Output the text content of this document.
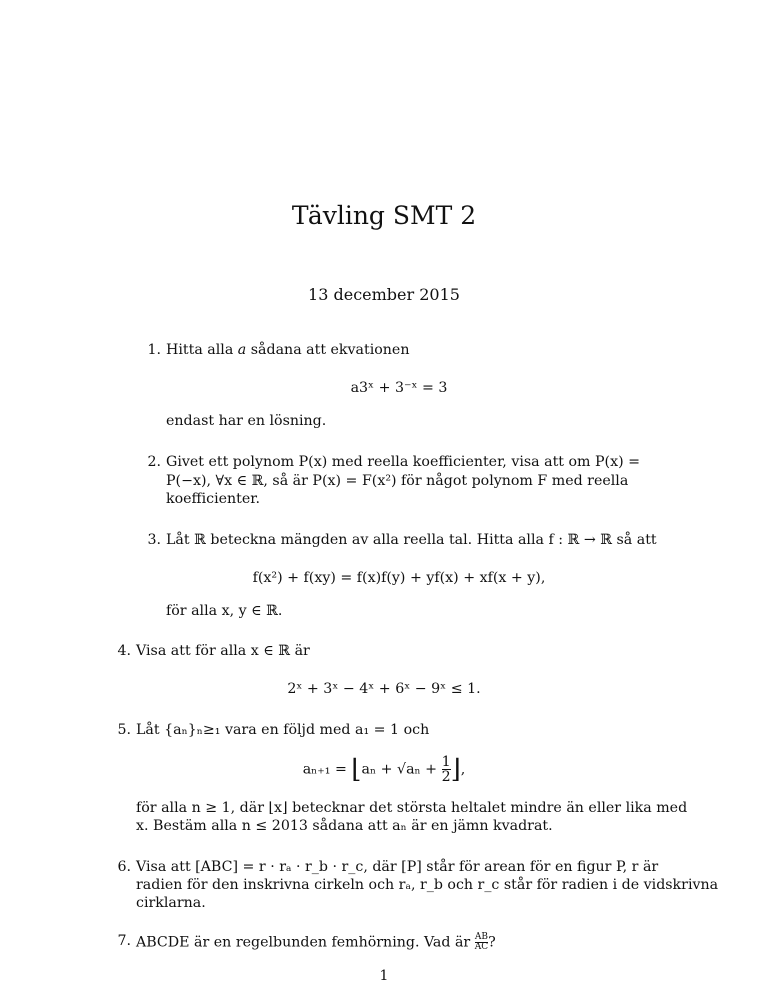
Tävling SMT 2
13 december 2015
1. Hitta alla a sådana att ekvationen
a3ˣ + 3⁻ˣ = 3
endast har en lösning.
2. Givet ett polynom P(x) med reella koefficienter, visa att om P(x) =
P(−x), ∀x ∈ ℝ, så är P(x) = F(x²) för något polynom F med reella
koefficienter.
3. Låt ℝ beteckna mängden av alla reella tal. Hitta alla f : ℝ → ℝ så att
f(x²) + f(xy) = f(x)f(y) + yf(x) + xf(x + y),
för alla x, y ∈ ℝ.
4. Visa att för alla x ∈ ℝ är
2ˣ + 3ˣ − 4ˣ + 6ˣ − 9ˣ ≤ 1.
5. Låt {aₙ}ₙ≥₁ vara en följd med a₁ = 1 och
aₙ₊₁ = ⌊aₙ + $√a_n + \frac{1}{2}$ ⌋,
för alla n ≥ 1, där ⌊x⌋ betecknar det största heltalet mindre än eller lika med
x. Bestäm alla n ≤ 2013 sådana att aₙ är en jämn kvadrat.
6. Visa att [ABC] = r · rₐ · r_b · r_c, där [P] står för arean för en figur P, r är
radien för den inskrivna cirkeln och rₐ, r_b och r_c står för radien i de vidskrivna
cirklarna.
7. ABCDE är en regelbunden femhörning. Vad är $\frac{AB}{AC}$ ?
1
